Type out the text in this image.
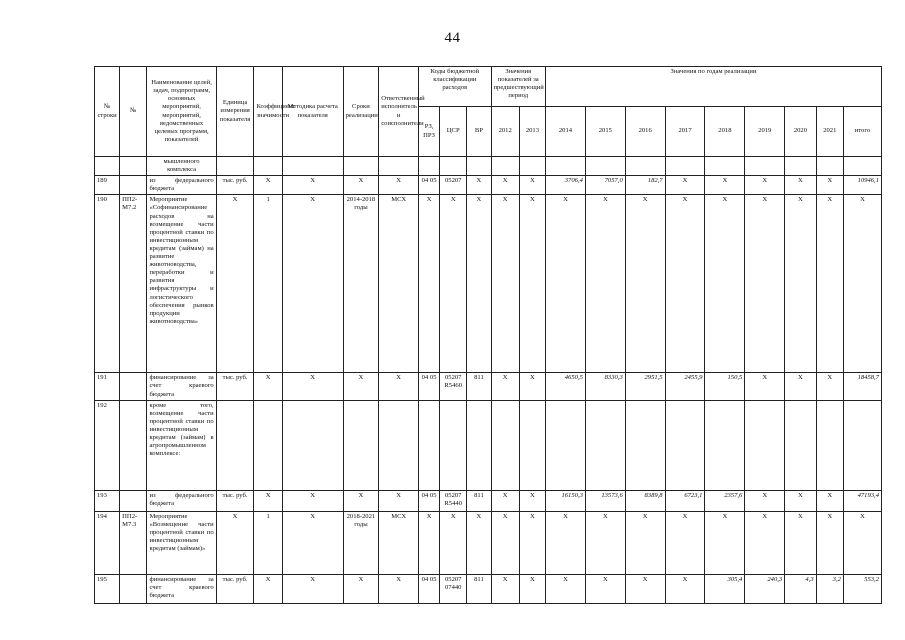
44
№ строки	№	Наименование целей, задач, подпрограмм, основных мероприятий, мероприятий, ведомственных целевых программ, показателей	Единица измерения показателя	Коэффициент значимости	Методика расчета показателя	Сроки реализации	Ответственный исполнитель и соисполнители	Коды бюджетной классификации расходов			Значения показателей за предшествующий период		Значения по годам реализации								
								РЗ, ПРЗ	ЦСР	ВР	2012	2013	2014	2015	2016	2017	2018	2019	2020	2021	итого
		мышленного комплекса																			
189		из федерального бюджета	тыс. руб.	X	X	X	X	04 05	05207	X	X	X	3706,4	7057,0	182,7	X	X	X	X	X	10946,1
190	ПП2-М7.2	Мероприятие «Софинансирование расходов на возмещение части процентной ставки по инвестиционным кредитам (займам) на развитие животноводства, переработки и развития инфраструктуры и логистического обеспечения рынков продукции животноводства»	X	1	X	2014-2018 годы	МСХ	X	X	X	X	X	X	X	X	X	X	X	X	X	X
191		финансирование за счет краевого бюджета	тыс. руб.	X	X	X	X	04 05	05207 R5460	811	X	X	4650,5	8330,3	2951,5	2455,9	150,5	X	X	X	18458,7
192		кроме того, возмещение части процентной ставки по инвестиционным кредитам (займам) в агропромышленном комплексе:																			
193		из федерального бюджета	тыс. руб.	X	X	X	X	04 05	05207 R5440	811	X	X	16150,3	13573,6	8389,8	6723,1	2357,6	X	X	X	47193,4
194	ПП2-М7.3	Мероприятие «Возмещение части процентной ставки по инвестиционным кредитам (займам)»	X	1	X	2018-2021 годы	МСХ	X	X	X	X	X	X	X	X	X	X	X	X	X	X
195		финансирование за счет краевого бюджета	тыс. руб.	X	X	X	X	04 05	05207 07440	811	X	X	X	X	X	X	305,4	240,3	4,3	3,2	553,2
